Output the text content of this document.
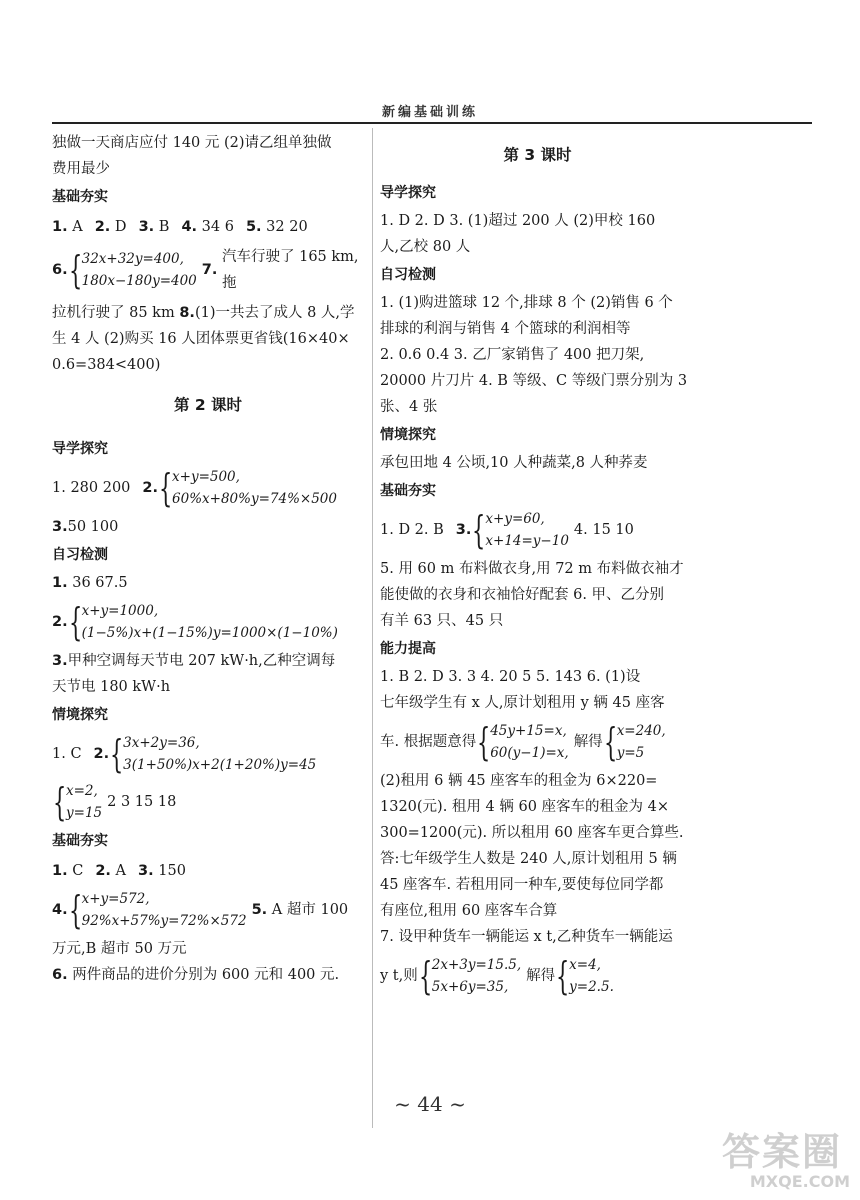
新编基础训练

独做一天商店应付 140 元 (2)请乙组单独做

费用最少

基础夯实

1.
A 2.
D 3.
B 4.
34 6 5.
32 20
6. { 32x+32y=400,
180x−180y=400
7.

汽车行驶了 165 km,拖

拉机行驶了 85 km 8.(1)一共去了成人 8 人,学

生 4 人 (2)购买 16 人团体票更省钱(16×40×

0.6=384<400)

第 2 课时

导学探究

1. 280 200 2. { x+y=500,
60%x+80%y=74%×500

3.50 100

自习检测

1. 36 67.5

2. { x+y=1000,
(1−5%)x+(1−15%)y=1000×(1−10%)

3.甲种空调每天节电 207 kW·h,乙种空调每

天节电 180 kW·h

情境探究

1. C 2. { 3x+2y=36,
3(1+50%)x+2(1+20%)y=45
{ x=2,
y=15
2 3 15 18

基础夯实

1.
C 2.
A 3.
150
4. { x+y=572,
92%x+57%y=72%×572
5.
A 超市 100

万元,B 超市 50 万元

6. 两件商品的进价分别为 600 元和 400 元.

第 3 课时

导学探究

1. D 2. D 3. (1)超过 200 人 (2)甲校 160

人,乙校 80 人

自习检测

1. (1)购进篮球 12 个,排球 8 个 (2)销售 6 个

排球的利润与销售 4 个篮球的利润相等

2. 0.6 0.4 3. 乙厂家销售了 400 把刀架,

20000 片刀片 4. B 等级、C 等级门票分别为 3

张、4 张

情境探究

承包田地 4 公顷,10 人种蔬菜,8 人种荞麦

基础夯实

1. D 2. B 3. { x+y=60,
x+14=y−10
4. 15 10

5. 用 60 m 布料做衣身,用 72 m 布料做衣袖才

能使做的衣身和衣袖恰好配套 6. 甲、乙分别

有羊 63 只、45 只

能力提高

1. B 2. D 3. 3 4. 20 5 5. 143 6. (1)设

七年级学生有 x 人,原计划租用 y 辆 45 座客

车. 根据题意得 { 45y+15=x,
60(y−1)=x,
解得 { x=240,
y=5

(2)租用 6 辆 45 座客车的租金为 6×220=

1320(元). 租用 4 辆 60 座客车的租金为 4×

300=1200(元). 所以租用 60 座客车更合算些.

答:七年级学生人数是 240 人,原计划租用 5 辆

45 座客车. 若租用同一种车,要使每位同学都

有座位,租用 60 座客车合算

7. 设甲种货车一辆能运 x t,乙种货车一辆能运

y t,则 { 2x+3y=15.5,
5x+6y=35,
解得 { x=4,
y=2.5.
~ 44 ~
答案圈
MXQE.COM
